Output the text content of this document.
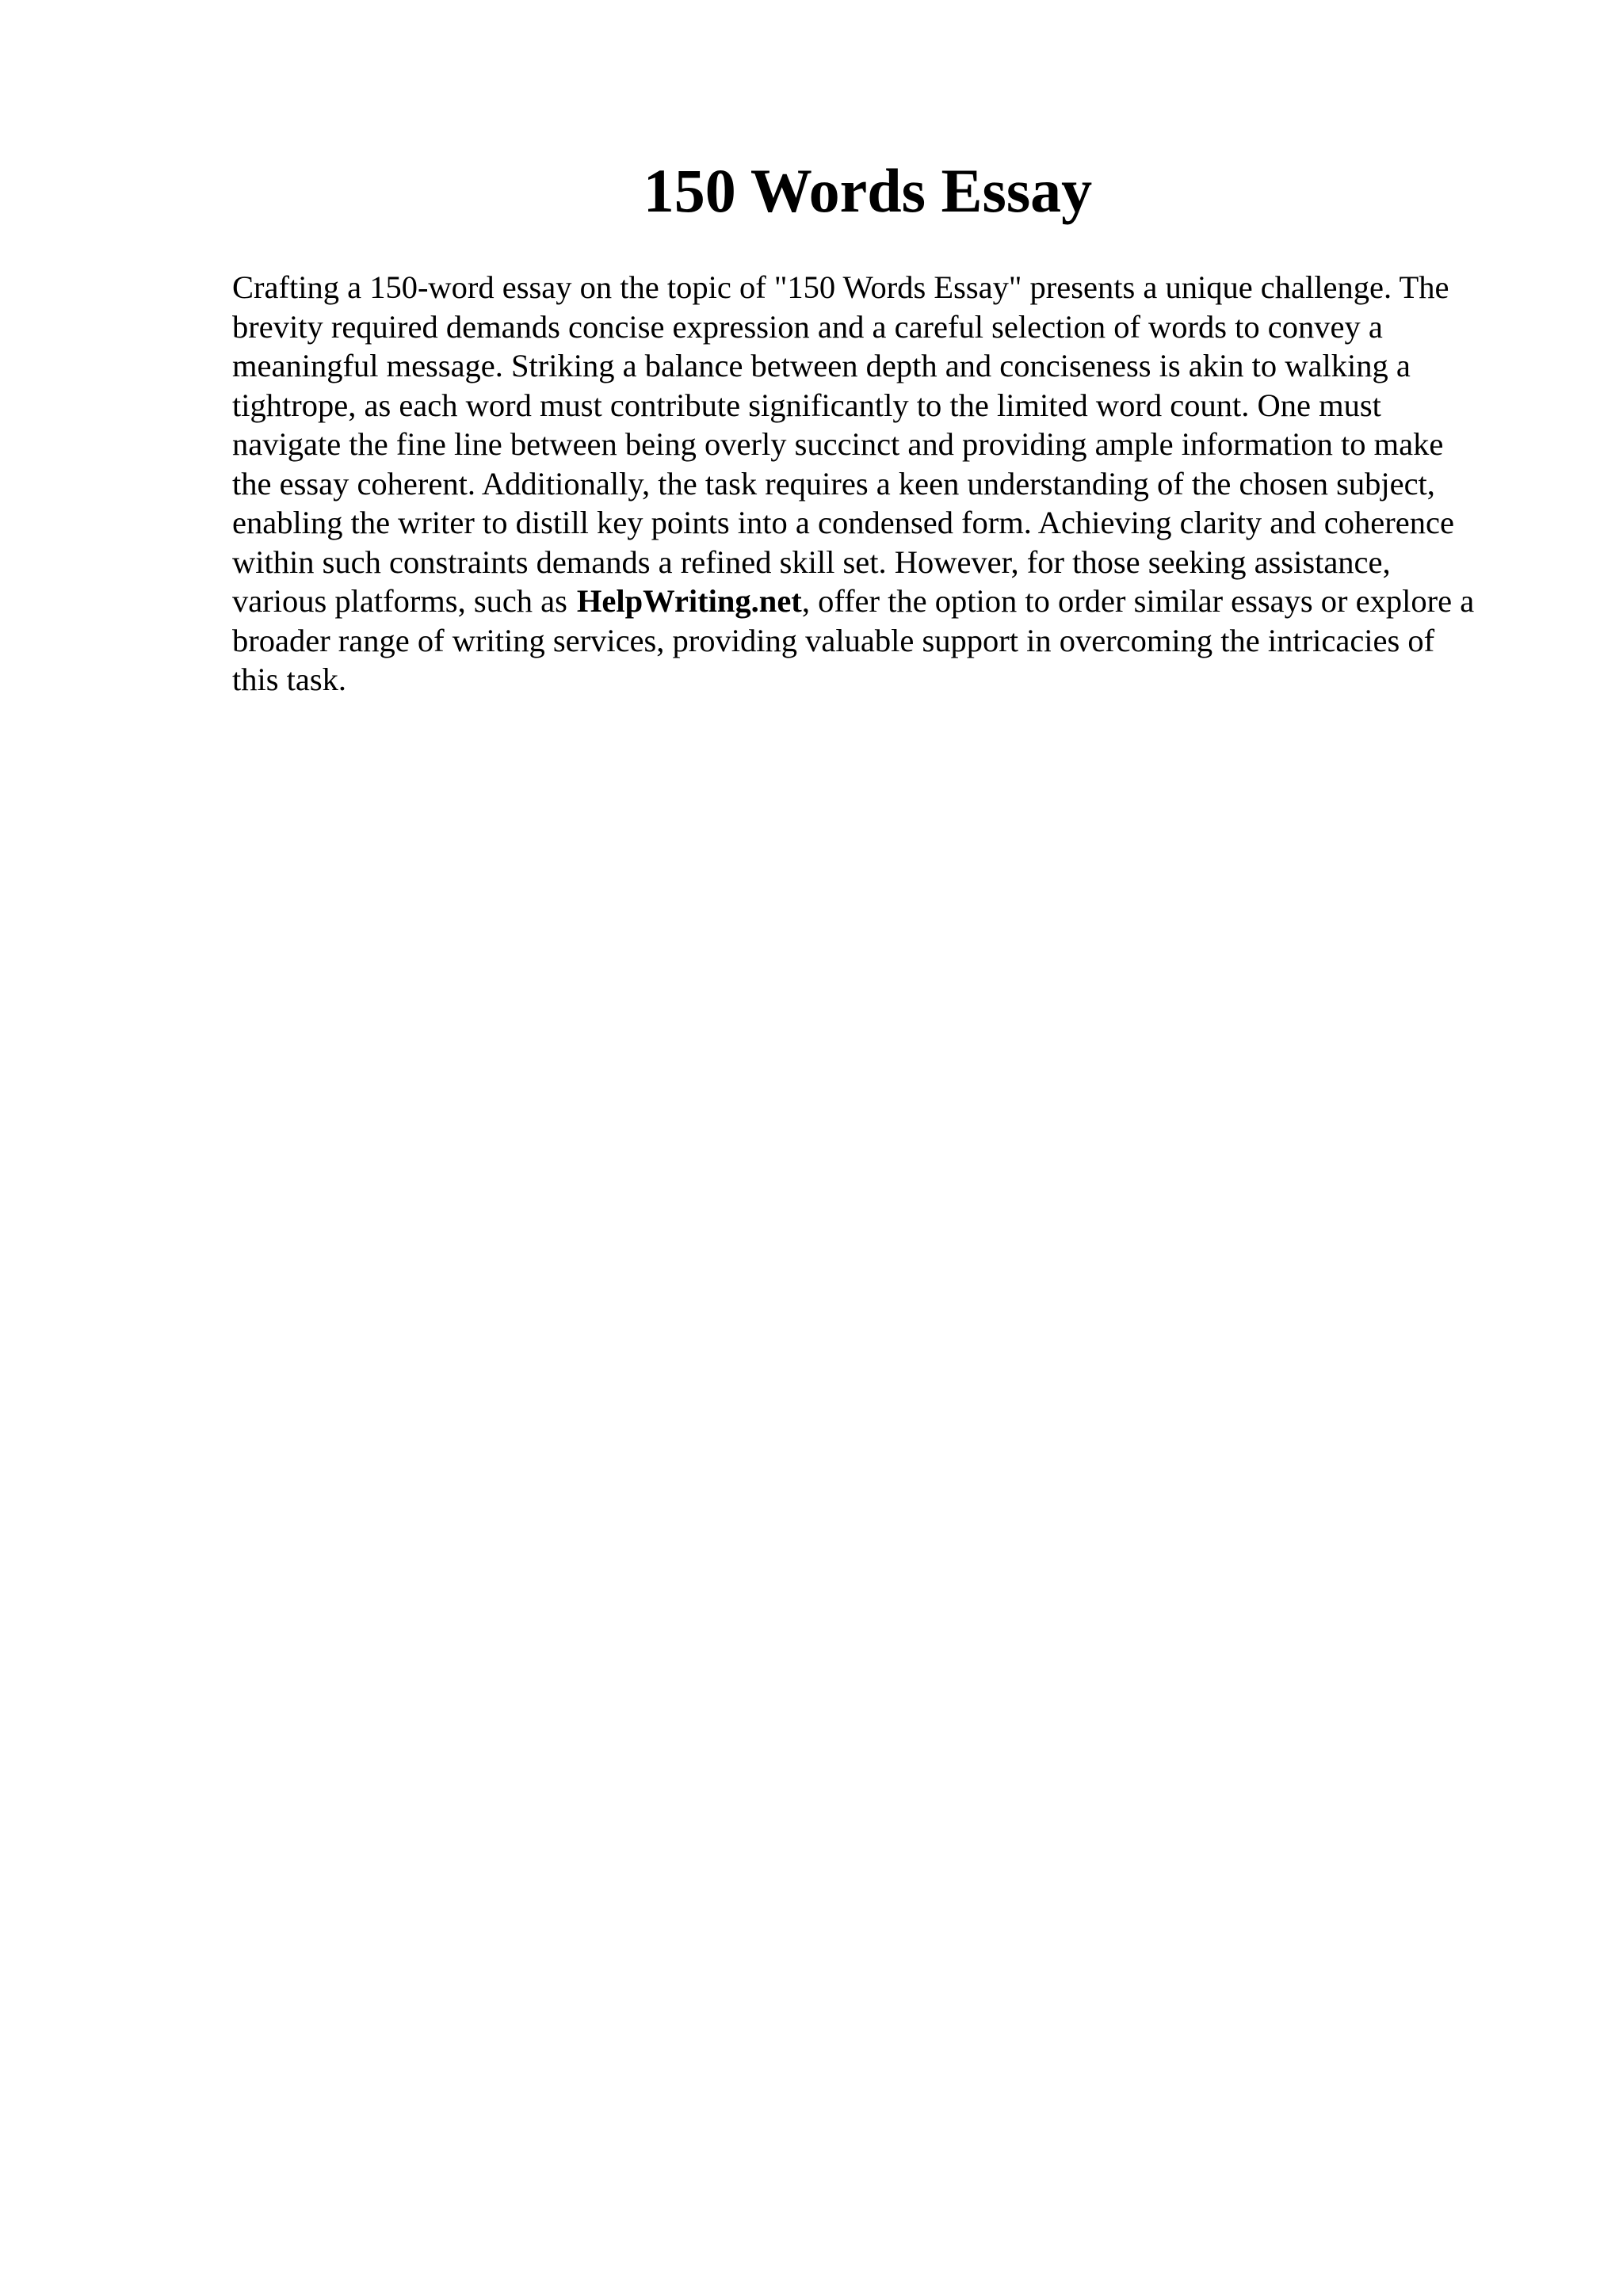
150 Words Essay
Crafting a 150-word essay on the topic of "150 Words Essay" presents a unique challenge. The
brevity required demands concise expression and a careful selection of words to convey a
meaningful message. Striking a balance between depth and conciseness is akin to walking a
tightrope, as each word must contribute significantly to the limited word count. One must
navigate the fine line between being overly succinct and providing ample information to make
the essay coherent. Additionally, the task requires a keen understanding of the chosen subject,
enabling the writer to distill key points into a condensed form. Achieving clarity and coherence
within such constraints demands a refined skill set. However, for those seeking assistance,
various platforms, such as HelpWriting.net, offer the option to order similar essays or explore a
broader range of writing services, providing valuable support in overcoming the intricacies of
this task.
